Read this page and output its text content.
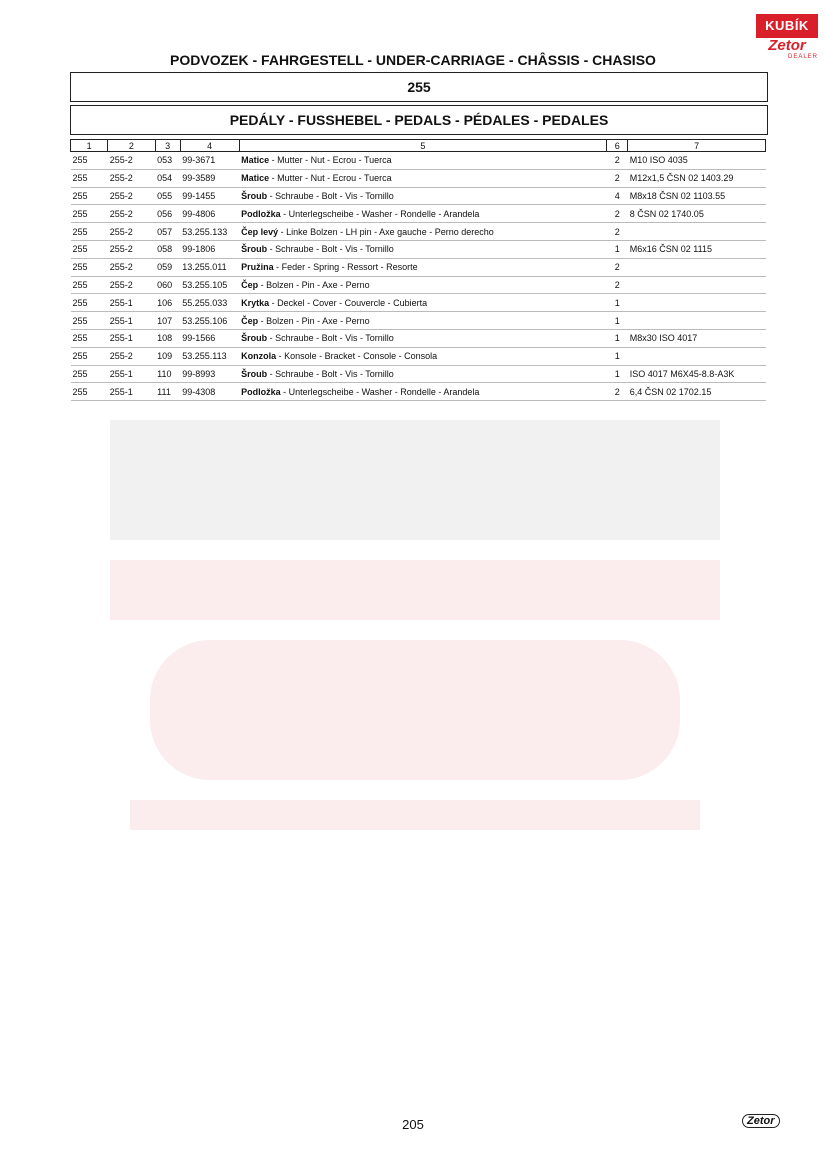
KUBÍK
Zetor
DEALER
PODVOZEK - FAHRGESTELL - UNDER-CARRIAGE - CHÂSSIS - CHASISO
255
PEDÁLY - FUSSHEBEL - PEDALS - PÉDALES - PEDALES
1	2	3	4	5	6	7
255	255-2	053	99-3671	Matice - Mutter - Nut - Ecrou - Tuerca	2	M10 ISO 4035
255	255-2	054	99-3589	Matice - Mutter - Nut - Ecrou - Tuerca	2	M12x1,5 ČSN 02 1403.29
255	255-2	055	99-1455	Šroub - Schraube - Bolt - Vis - Tornillo	4	M8x18 ČSN 02 1103.55
255	255-2	056	99-4806	Podložka - Unterlegscheibe - Washer - Rondelle - Arandela	2	8 ČSN 02 1740.05
255	255-2	057	53.255.133	Čep levý - Linke Bolzen - LH pin - Axe gauche - Perno derecho	2	
255	255-2	058	99-1806	Šroub - Schraube - Bolt - Vis - Tornillo	1	M6x16 ČSN 02 1115
255	255-2	059	13.255.011	Pružina - Feder - Spring - Ressort - Resorte	2	
255	255-2	060	53.255.105	Čep - Bolzen - Pin - Axe - Perno	2	
255	255-1	106	55.255.033	Krytka - Deckel - Cover - Couvercle - Cubierta	1	
255	255-1	107	53.255.106	Čep - Bolzen - Pin - Axe - Perno	1	
255	255-1	108	99-1566	Šroub - Schraube - Bolt - Vis - Tornillo	1	M8x30 ISO 4017
255	255-2	109	53.255.113	Konzola - Konsole - Bracket - Console - Consola	1	
255	255-1	110	99-8993	Šroub - Schraube - Bolt - Vis - Tornillo	1	ISO 4017 M6X45-8.8-A3K
255	255-1	111	99-4308	Podložka - Unterlegscheibe - Washer - Rondelle - Arandela	2	6,4 ČSN 02 1702.15
205	Zetor
